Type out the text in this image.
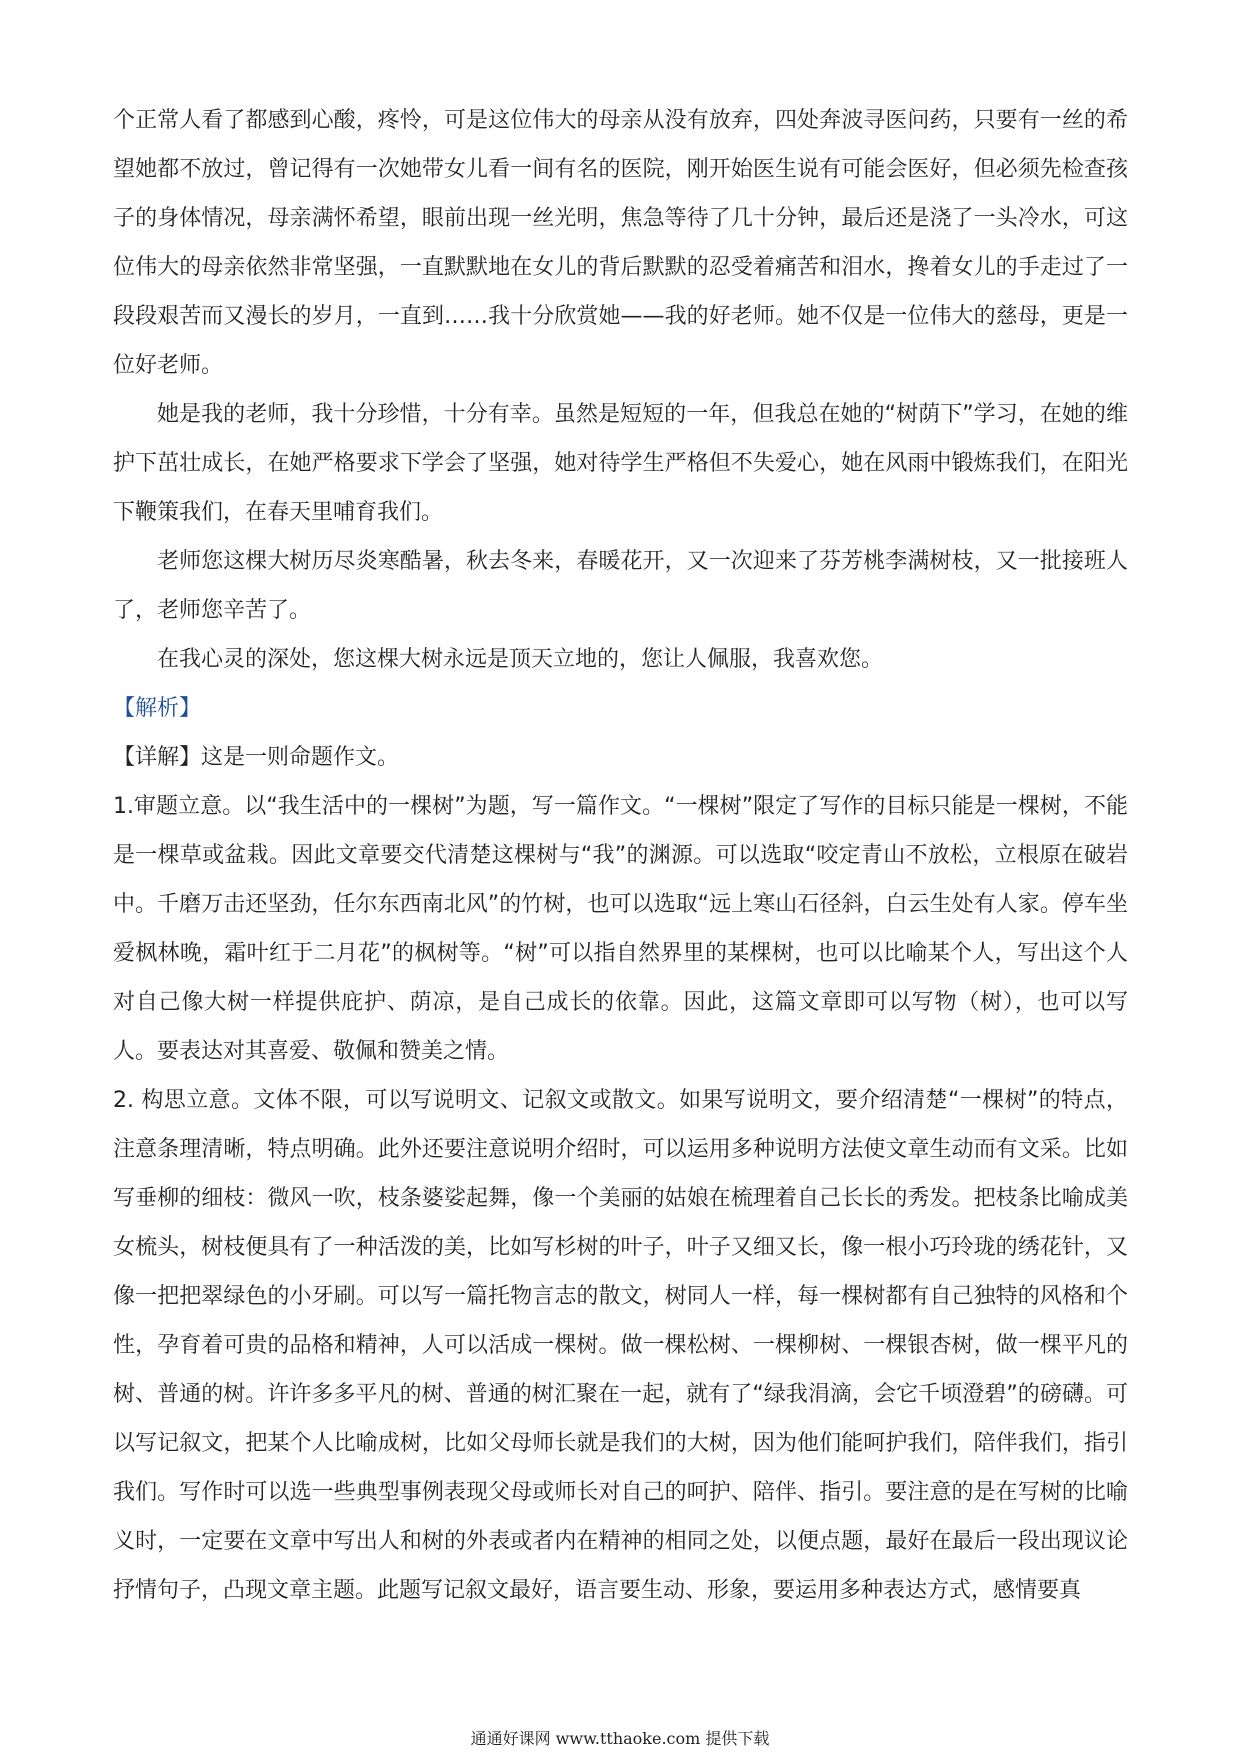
个正常人看了都感到心酸，疼怜，可是这位伟大的母亲从没有放弃，四处奔波寻医问药，只要有一丝的希望她都不放过，曾记得有一次她带女儿看一间有名的医院，刚开始医生说有可能会医好，但必须先检查孩子的身体情况，母亲满怀希望，眼前出现一丝光明，焦急等待了几十分钟，最后还是浇了一头冷水，可这位伟大的母亲依然非常坚强，一直默默地在女儿的背后默默的忍受着痛苦和泪水，搀着女儿的手走过了一段段艰苦而又漫长的岁月，一直到……我十分欣赏她——我的好老师。她不仅是一位伟大的慈母，更是一位好老师。

她是我的老师，我十分珍惜，十分有幸。虽然是短短的一年，但我总在她的“树荫下”学习，在她的维护下茁壮成长，在她严格要求下学会了坚强，她对待学生严格但不失爱心，她在风雨中锻炼我们，在阳光下鞭策我们，在春天里哺育我们。

老师您这棵大树历尽炎寒酷暑，秋去冬来，春暖花开，又一次迎来了芬芳桃李满树枝，又一批接班人了，老师您辛苦了。

在我心灵的深处，您这棵大树永远是顶天立地的，您让人佩服，我喜欢您。

【解析】

【详解】这是一则命题作文。

1.审题立意。以“我生活中的一棵树”为题，写一篇作文。“一棵树”限定了写作的目标只能是一棵树，不能是一棵草或盆栽。因此文章要交代清楚这棵树与“我”的渊源。可以选取“咬定青山不放松，立根原在破岩中。千磨万击还坚劲，任尔东西南北风”的竹树，也可以选取“远上寒山石径斜，白云生处有人家。停车坐爱枫林晚，霜叶红于二月花”的枫树等。“树”可以指自然界里的某棵树，也可以比喻某个人，写出这个人对自己像大树一样提供庇护、荫凉，是自己成长的依靠。因此，这篇文章即可以写物（树），也可以写人。要表达对其喜爱、敬佩和赞美之情。

2. 构思立意。文体不限，可以写说明文、记叙文或散文。如果写说明文，要介绍清楚“一棵树”的特点，注意条理清晰，特点明确。此外还要注意说明介绍时，可以运用多种说明方法使文章生动而有文采。比如写垂柳的细枝：微风一吹，枝条婆娑起舞，像一个美丽的姑娘在梳理着自己长长的秀发。把枝条比喻成美女梳头，树枝便具有了一种活泼的美，比如写杉树的叶子，叶子又细又长，像一根小巧玲珑的绣花针，又像一把把翠绿色的小牙刷。可以写一篇托物言志的散文，树同人一样，每一棵树都有自己独特的风格和个性，孕育着可贵的品格和精神，人可以活成一棵树。做一棵松树、一棵柳树、一棵银杏树，做一棵平凡的树、普通的树。许许多多平凡的树、普通的树汇聚在一起，就有了“绿我涓滴，会它千顷澄碧”的磅礴。可以写记叙文，把某个人比喻成树，比如父母师长就是我们的大树，因为他们能呵护我们，陪伴我们，指引我们。写作时可以选一些典型事例表现父母或师长对自己的呵护、陪伴、指引。要注意的是在写树的比喻义时，一定要在文章中写出人和树的外表或者内在精神的相同之处，以便点题，最好在最后一段出现议论抒情句子，凸现文章主题。此题写记叙文最好，语言要生动、形象，要运用多种表达方式，感情要真

通通好课网 www.tthaoke.com 提供下载
